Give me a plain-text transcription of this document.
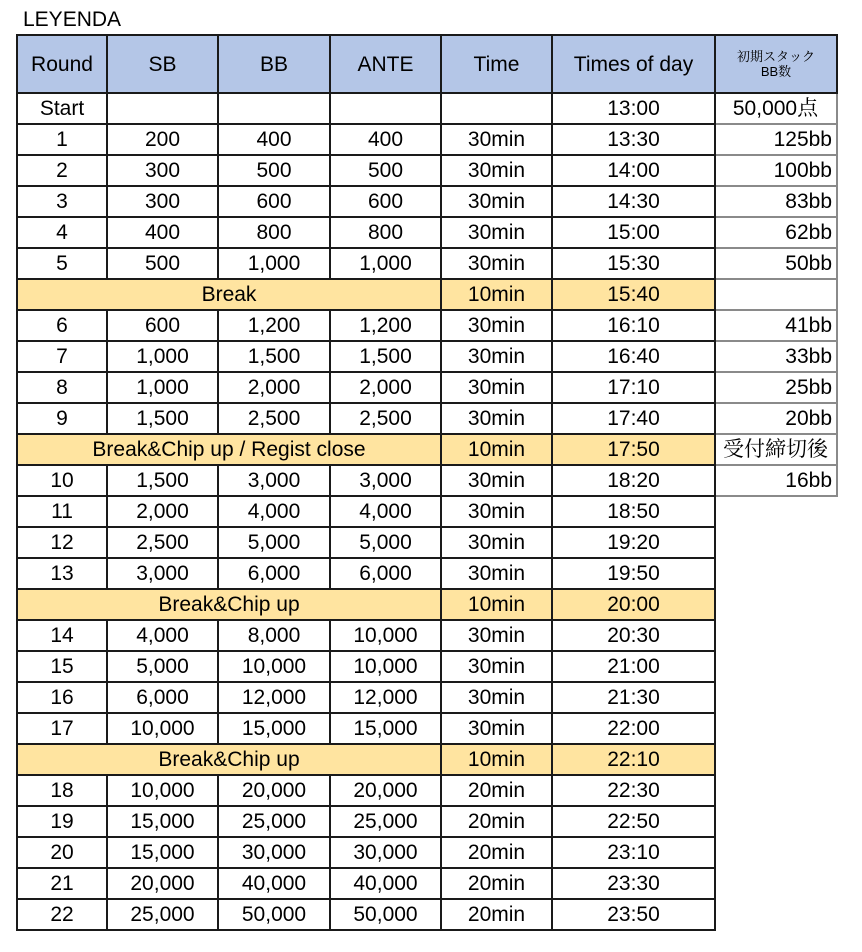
LEYENDA
Round	SB	BB	ANTE	Time	Times of day	初期スタック
BB数

Start					13:00	50,000点
1	200	400	400	30min	13:30	125bb
2	300	500	500	30min	14:00	100bb
3	300	600	600	30min	14:30	83bb
4	400	800	800	30min	15:00	62bb
5	500	1,000	1,000	30min	15:30	50bb
Break				10min	15:40	
6	600	1,200	1,200	30min	16:10	41bb
7	1,000	1,500	1,500	30min	16:40	33bb
8	1,000	2,000	2,000	30min	17:10	25bb
9	1,500	2,500	2,500	30min	17:40	20bb
Break&Chip up / Regist close				10min	17:50	受付締切後
10	1,500	3,000	3,000	30min	18:20	16bb
11	2,000	4,000	4,000	30min	18:50	
12	2,500	5,000	5,000	30min	19:20	
13	3,000	6,000	6,000	30min	19:50	
Break&Chip up				10min	20:00	
14	4,000	8,000	10,000	30min	20:30	
15	5,000	10,000	10,000	30min	21:00	
16	6,000	12,000	12,000	30min	21:30	
17	10,000	15,000	15,000	30min	22:00	
Break&Chip up				10min	22:10	
18	10,000	20,000	20,000	20min	22:30	
19	15,000	25,000	25,000	20min	22:50	
20	15,000	30,000	30,000	20min	23:10	
21	20,000	40,000	40,000	20min	23:30	
22	25,000	50,000	50,000	20min	23:50	
